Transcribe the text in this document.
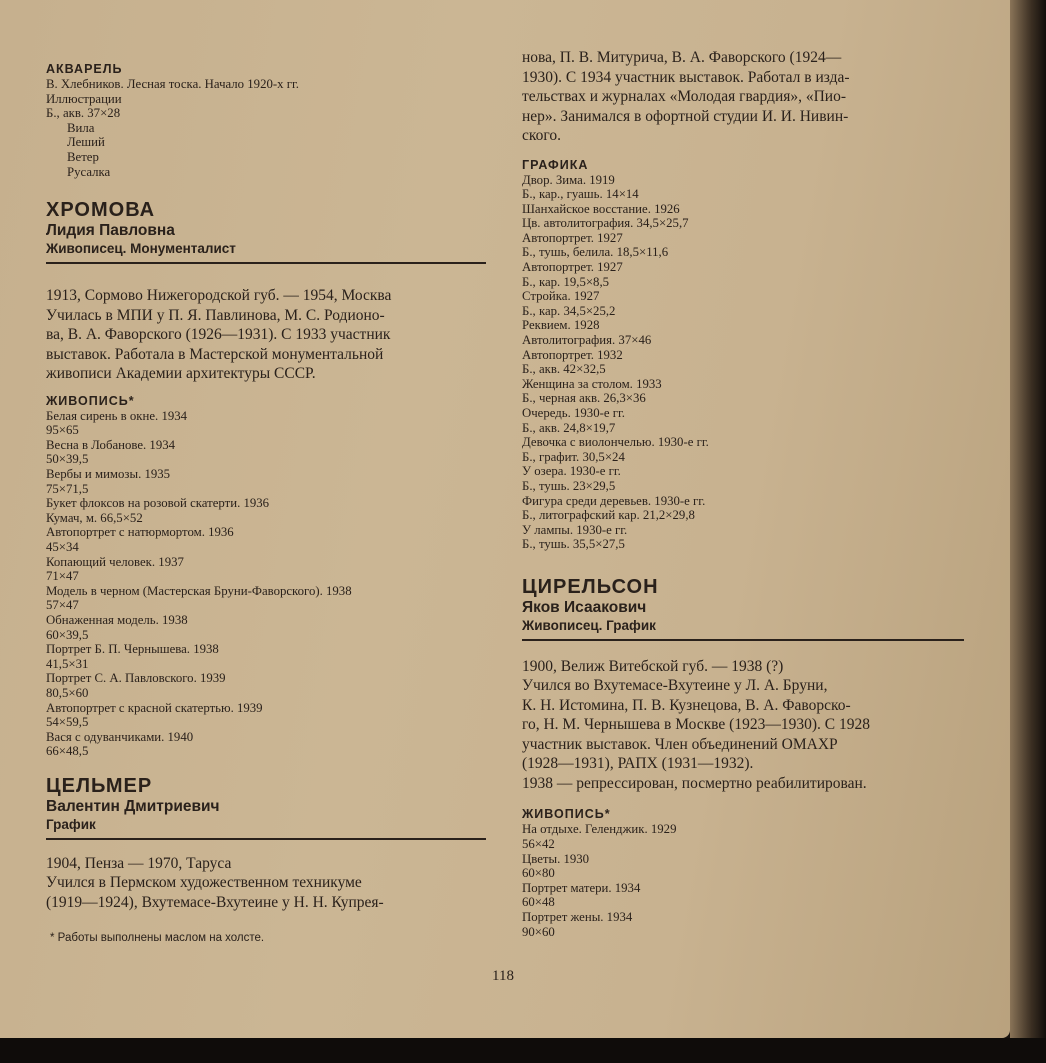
АКВАРЕЛЬ
В. Хлебников. Лесная тоска. Начало 1920-х гг.
Иллюстрации
Б., акв. 37×28
Вила
Леший
Ветер
Русалка
ХРОМОВА
Лидия Павловна
Живописец. Монументалист
1913, Сормово Нижегородской губ. — 1954, Москва
Училась в МПИ у П. Я. Павлинова, М. С. Родионо-
ва, В. А. Фаворского (1926—1931). С 1933 участник
выставок. Работала в Мастерской монументальной
живописи Академии архитектуры СССР.
ЖИВОПИСЬ*
Белая сирень в окне. 1934
95×65
Весна в Лобанове. 1934
50×39,5
Вербы и мимозы. 1935
75×71,5
Букет флоксов на розовой скатерти. 1936
Кумач, м. 66,5×52
Автопортрет с натюрмортом. 1936
45×34
Копающий человек. 1937
71×47
Модель в черном (Мастерская Бруни-Фаворского). 1938
57×47
Обнаженная модель. 1938
60×39,5
Портрет Б. П. Чернышева. 1938
41,5×31
Портрет С. А. Павловского. 1939
80,5×60
Автопортрет с красной скатертью. 1939
54×59,5
Вася с одуванчиками. 1940
66×48,5
ЦЕЛЬМЕР
Валентин Дмитриевич
График
1904, Пенза — 1970, Таруса
Учился в Пермском художественном техникуме
(1919—1924), Вхутемасе-Вхутеине у Н. Н. Купрея-
* Работы выполнены маслом на холсте.
нова, П. В. Митурича, В. А. Фаворского (1924—
1930). С 1934 участник выставок. Работал в изда-
тельствах и журналах «Молодая гвардия», «Пио-
нер». Занимался в офортной студии И. И. Нивин-
ского.
ГРАФИКА
Двор. Зима. 1919
Б., кар., гуашь. 14×14
Шанхайское восстание. 1926
Цв. автолитография. 34,5×25,7
Автопортрет. 1927
Б., тушь, белила. 18,5×11,6
Автопортрет. 1927
Б., кар. 19,5×8,5
Стройка. 1927
Б., кар. 34,5×25,2
Реквием. 1928
Автолитография. 37×46
Автопортрет. 1932
Б., акв. 42×32,5
Женщина за столом. 1933
Б., черная акв. 26,3×36
Очередь. 1930-е гг.
Б., акв. 24,8×19,7
Девочка с виолончелью. 1930-е гг.
Б., графит. 30,5×24
У озера. 1930-е гг.
Б., тушь. 23×29,5
Фигура среди деревьев. 1930-е гг.
Б., литографский кар. 21,2×29,8
У лампы. 1930-е гг.
Б., тушь. 35,5×27,5
ЦИРЕЛЬСОН
Яков Исаакович
Живописец. График
1900, Велиж Витебской губ. — 1938 (?)
Учился во Вхутемасе-Вхутеине у Л. А. Бруни,
К. Н. Истомина, П. В. Кузнецова, В. А. Фаворско-
го, Н. М. Чернышева в Москве (1923—1930). С 1928
участник выставок. Член объединений ОМАХР
(1928—1931), РАПХ (1931—1932).
1938 — репрессирован, посмертно реабилитирован.
ЖИВОПИСЬ*
На отдыхе. Геленджик. 1929
56×42
Цветы. 1930
60×80
Портрет матери. 1934
60×48
Портрет жены. 1934
90×60
118
